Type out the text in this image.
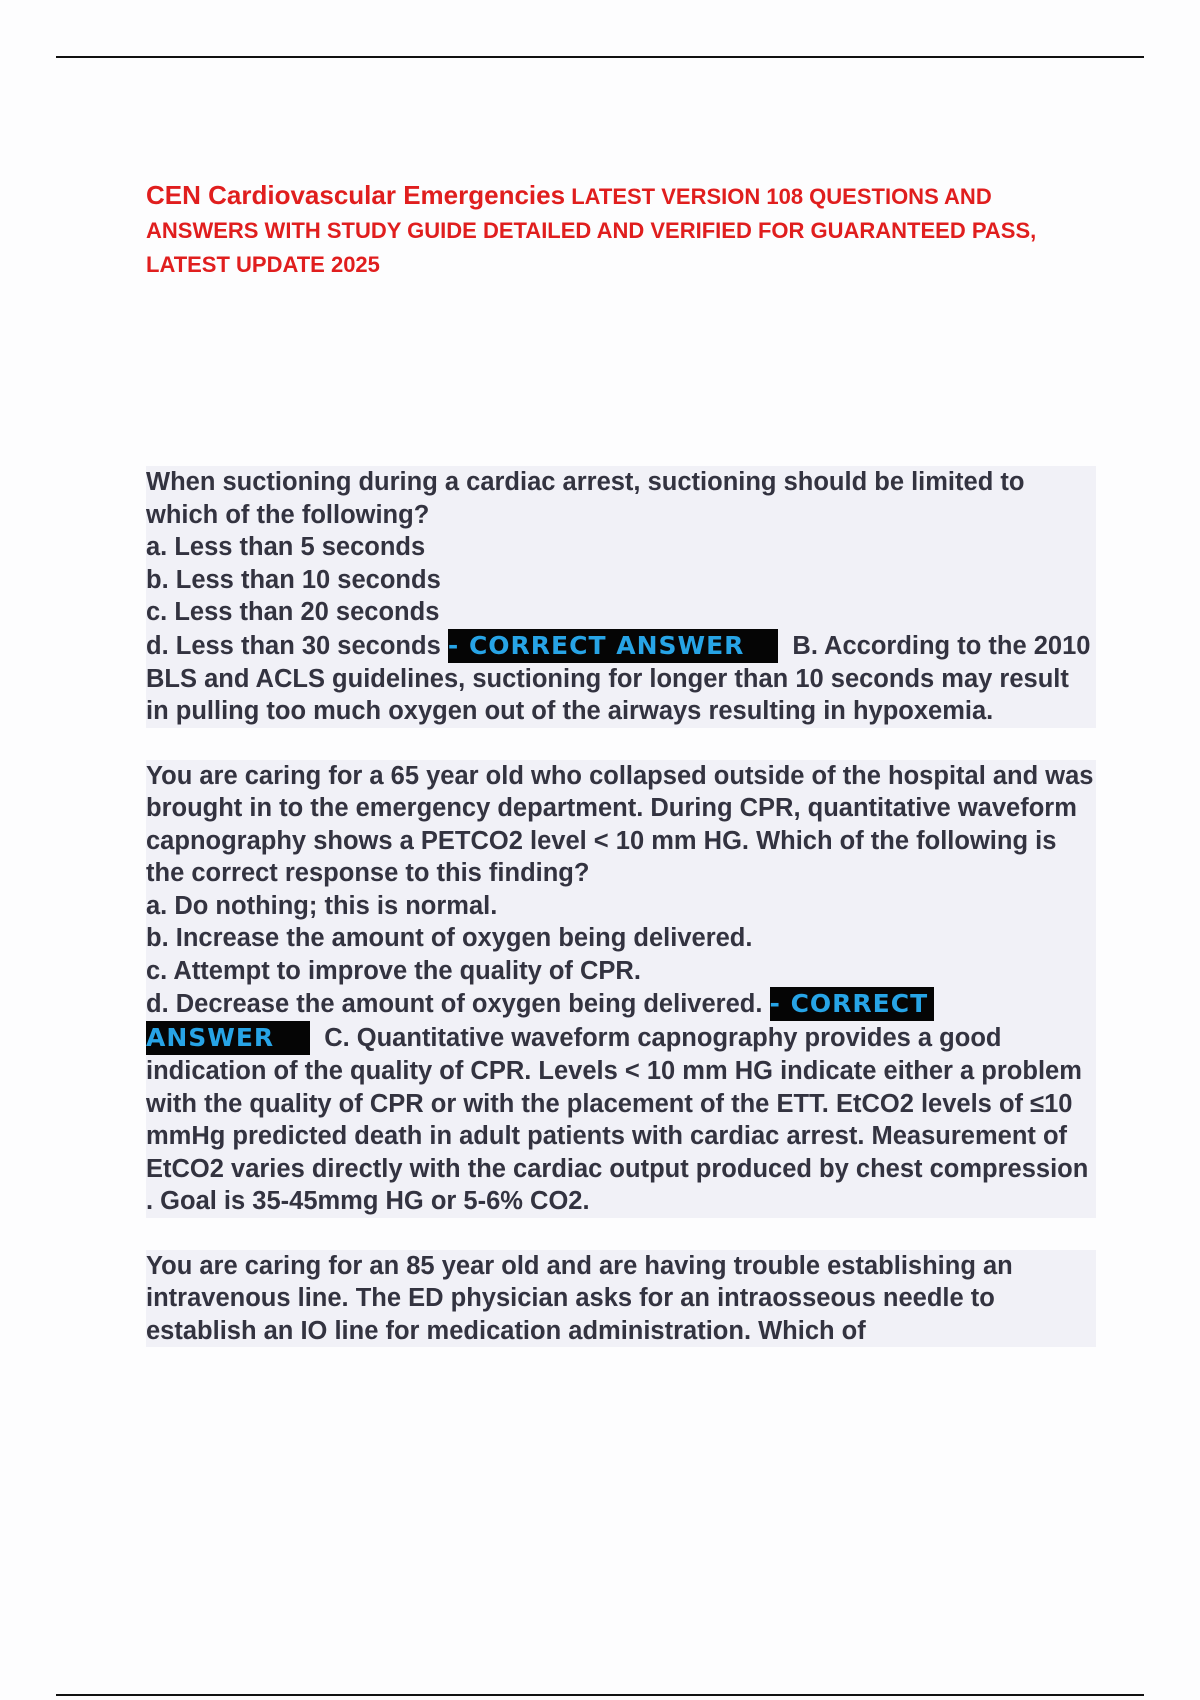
CEN Cardiovascular Emergencies LATEST VERSION 108 QUESTIONS AND ANSWERS WITH STUDY GUIDE DETAILED AND VERIFIED FOR GUARANTEED PASS, LATEST UPDATE 2025
When suctioning during a cardiac arrest, suctioning should be limited to which of the following?
a. Less than 5 seconds
b. Less than 10 seconds
c. Less than 20 seconds
d. Less than 30 seconds - CORRECT ANSWER B. According to the 2010 BLS and ACLS guidelines, suctioning for longer than 10 seconds may result in pulling too much oxygen out of the airways resulting in hypoxemia.
You are caring for a 65 year old who collapsed outside of the hospital and was brought in to the emergency department. During CPR, quantitative waveform capnography shows a PETCO2 level < 10 mm HG. Which of the following is the correct response to this finding?
a. Do nothing; this is normal.
b. Increase the amount of oxygen being delivered.
c. Attempt to improve the quality of CPR.
d. Decrease the amount of oxygen being delivered. - CORRECTANSWER C. Quantitative waveform capnography provides a good indication of the quality of CPR. Levels < 10 mm HG indicate either a problem with the quality of CPR or with the placement of the ETT. EtCO2 levels of ≤10 mmHg predicted death in adult patients with cardiac arrest. Measurement of EtCO2 varies directly with the cardiac output produced by chest compression . Goal is 35-45mmg HG or 5-6% CO2.
You are caring for an 85 year old and are having trouble establishing an intravenous line. The ED physician asks for an intraosseous needle to establish an IO line for medication administration. Which of
